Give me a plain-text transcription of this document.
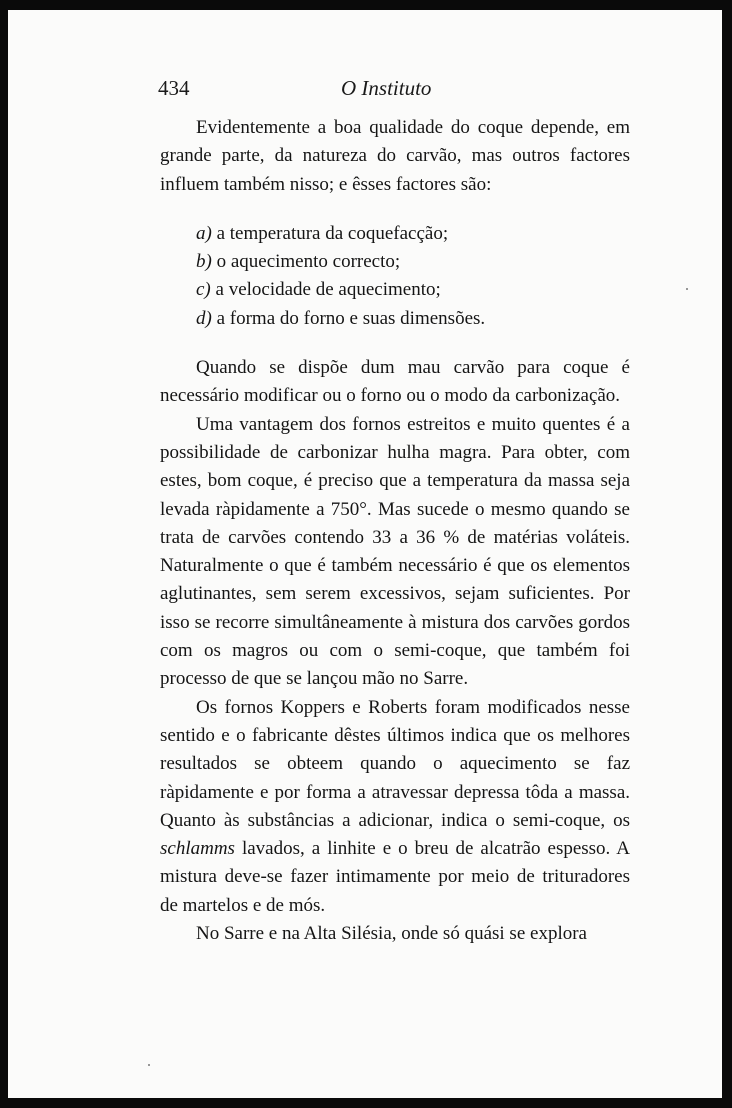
434	O Instituto

Evidentemente a boa qualidade do coque depende, em grande parte, da natureza do carvão, mas outros factores influem também nisso; e êsses factores são:

a) a temperatura da coquefacção;
b) o aquecimento correcto;
c) a velocidade de aquecimento;
d) a forma do forno e suas dimensões.

Quando se dispõe dum mau carvão para coque é necessário modificar ou o forno ou o modo da carbonização.

Uma vantagem dos fornos estreitos e muito quentes é a possibilidade de carbonizar hulha magra. Para obter, com estes, bom coque, é preciso que a temperatura da massa seja levada ràpidamente a 750°. Mas sucede o mesmo quando se trata de carvões contendo 33 a 36 % de matérias voláteis. Naturalmente o que é também necessário é que os elementos aglutinantes, sem serem excessivos, sejam suficientes. Por isso se recorre simultâneamente à mistura dos carvões gordos com os magros ou com o semi-coque, que também foi processo de que se lançou mão no Sarre.

Os fornos Koppers e Roberts foram modificados nesse sentido e o fabricante dêstes últimos indica que os melhores resultados se obteem quando o aquecimento se faz ràpidamente e por forma a atravessar depressa tôda a massa. Quanto às substâncias a adicionar, indica o semi-coque, os schlamms lavados, a linhite e o breu de alcatrão espesso. A mistura deve-se fazer intimamente por meio de trituradores de martelos e de mós.

No Sarre e na Alta Silésia, onde só quási se explora
